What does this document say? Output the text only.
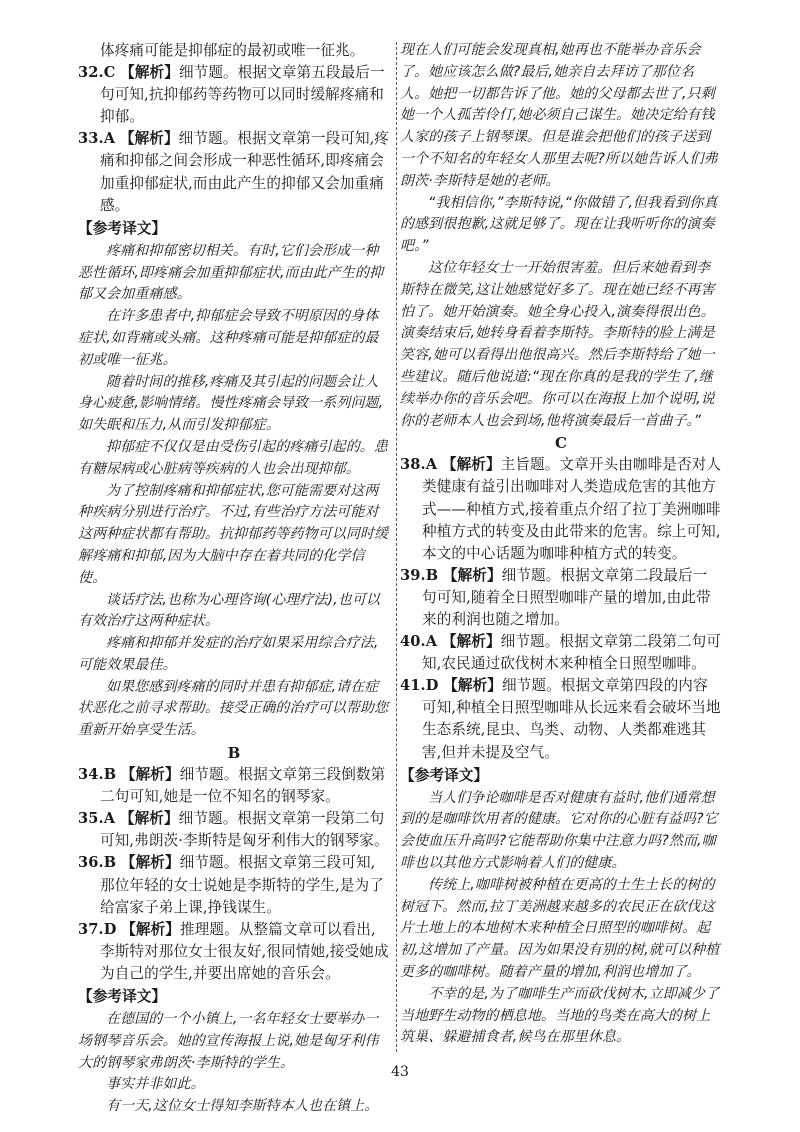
体疼痛可能是抑郁症的最初或唯一征兆。

32.C 【解析】细节题。根据文章第五段最后一句可知,抗抑郁药等药物可以同时缓解疼痛和抑郁。

33.A 【解析】细节题。根据文章第一段可知,疼痛和抑郁之间会形成一种恶性循环,即疼痛会加重抑郁症状,而由此产生的抑郁又会加重痛感。

【参考译文】

疼痛和抑郁密切相关。有时,它们会形成一种恶性循环,即疼痛会加重抑郁症状,而由此产生的抑郁又会加重痛感。

在许多患者中,抑郁症会导致不明原因的身体症状,如背痛或头痛。这种疼痛可能是抑郁症的最初或唯一征兆。

随着时间的推移,疼痛及其引起的问题会让人身心疲惫,影响情绪。慢性疼痛会导致一系列问题,如失眠和压力,从而引发抑郁症。

抑郁症不仅仅是由受伤引起的疼痛引起的。患有糖尿病或心脏病等疾病的人也会出现抑郁。

为了控制疼痛和抑郁症状,您可能需要对这两种疾病分别进行治疗。不过,有些治疗方法可能对这两种症状都有帮助。抗抑郁药等药物可以同时缓解疼痛和抑郁,因为大脑中存在着共同的化学信使。

谈话疗法,也称为心理咨询(心理疗法),也可以有效治疗这两种症状。

疼痛和抑郁并发症的治疗如果采用综合疗法,可能效果最佳。

如果您感到疼痛的同时并患有抑郁症,请在症状恶化之前寻求帮助。接受正确的治疗可以帮助您重新开始享受生活。

B

34.B 【解析】细节题。根据文章第三段倒数第二句可知,她是一位不知名的钢琴家。

35.A 【解析】细节题。根据文章第一段第二句可知,弗朗茨·李斯特是匈牙利伟大的钢琴家。

36.B 【解析】细节题。根据文章第三段可知,那位年轻的女士说她是李斯特的学生,是为了给富家子弟上课,挣钱谋生。

37.D 【解析】推理题。从整篇文章可以看出,李斯特对那位女士很友好,很同情她,接受她成为自己的学生,并要出席她的音乐会。

【参考译文】

在德国的一个小镇上,一名年轻女士要举办一场钢琴音乐会。她的宣传海报上说,她是匈牙利伟大的钢琴家弗朗茨·李斯特的学生。

事实并非如此。

有一天,这位女士得知李斯特本人也在镇上。

现在人们可能会发现真相,她再也不能举办音乐会了。她应该怎么做?最后,她亲自去拜访了那位名人。她把一切都告诉了他。她的父母都去世了,只剩她一个人孤苦伶仃,她必须自己谋生。她决定给有钱人家的孩子上钢琴课。但是谁会把他们的孩子送到一个不知名的年轻女人那里去呢?所以她告诉人们弗朗茨·李斯特是她的老师。

“我相信你,”李斯特说,“你做错了,但我看到你真的感到很抱歉,这就足够了。现在让我听听你的演奏吧。”

这位年轻女士一开始很害羞。但后来她看到李斯特在微笑,这让她感觉好多了。现在她已经不再害怕了。她开始演奏。她全身心投入,演奏得很出色。演奏结束后,她转身看着李斯特。李斯特的脸上满是笑容,她可以看得出他很高兴。然后李斯特给了她一些建议。随后他说道:“现在你真的是我的学生了,继续举办你的音乐会吧。你可以在海报上加个说明,说你的老师本人也会到场,他将演奏最后一首曲子。”

C

38.A 【解析】主旨题。文章开头由咖啡是否对人类健康有益引出咖啡对人类造成危害的其他方式——种植方式,接着重点介绍了拉丁美洲咖啡种植方式的转变及由此带来的危害。综上可知,本文的中心话题为咖啡种植方式的转变。

39.B 【解析】细节题。根据文章第二段最后一句可知,随着全日照型咖啡产量的增加,由此带来的利润也随之增加。

40.A 【解析】细节题。根据文章第二段第二句可知,农民通过砍伐树木来种植全日照型咖啡。

41.D 【解析】细节题。根据文章第四段的内容可知,种植全日照型咖啡从长远来看会破坏当地生态系统,昆虫、鸟类、动物、人类都难逃其害,但并未提及空气。

【参考译文】

当人们争论咖啡是否对健康有益时,他们通常想到的是咖啡饮用者的健康。它对你的心脏有益吗?它会使血压升高吗?它能帮助你集中注意力吗?然而,咖啡也以其他方式影响着人们的健康。

传统上,咖啡树被种植在更高的土生土长的树的树冠下。然而,拉丁美洲越来越多的农民正在砍伐这片土地上的本地树木来种植全日照型的咖啡树。起初,这增加了产量。因为如果没有别的树,就可以种植更多的咖啡树。随着产量的增加,利润也增加了。

不幸的是,为了咖啡生产而砍伐树木,立即减少了当地野生动物的栖息地。当地的鸟类在高大的树上筑巢、躲避捕食者,候鸟在那里休息。

43
